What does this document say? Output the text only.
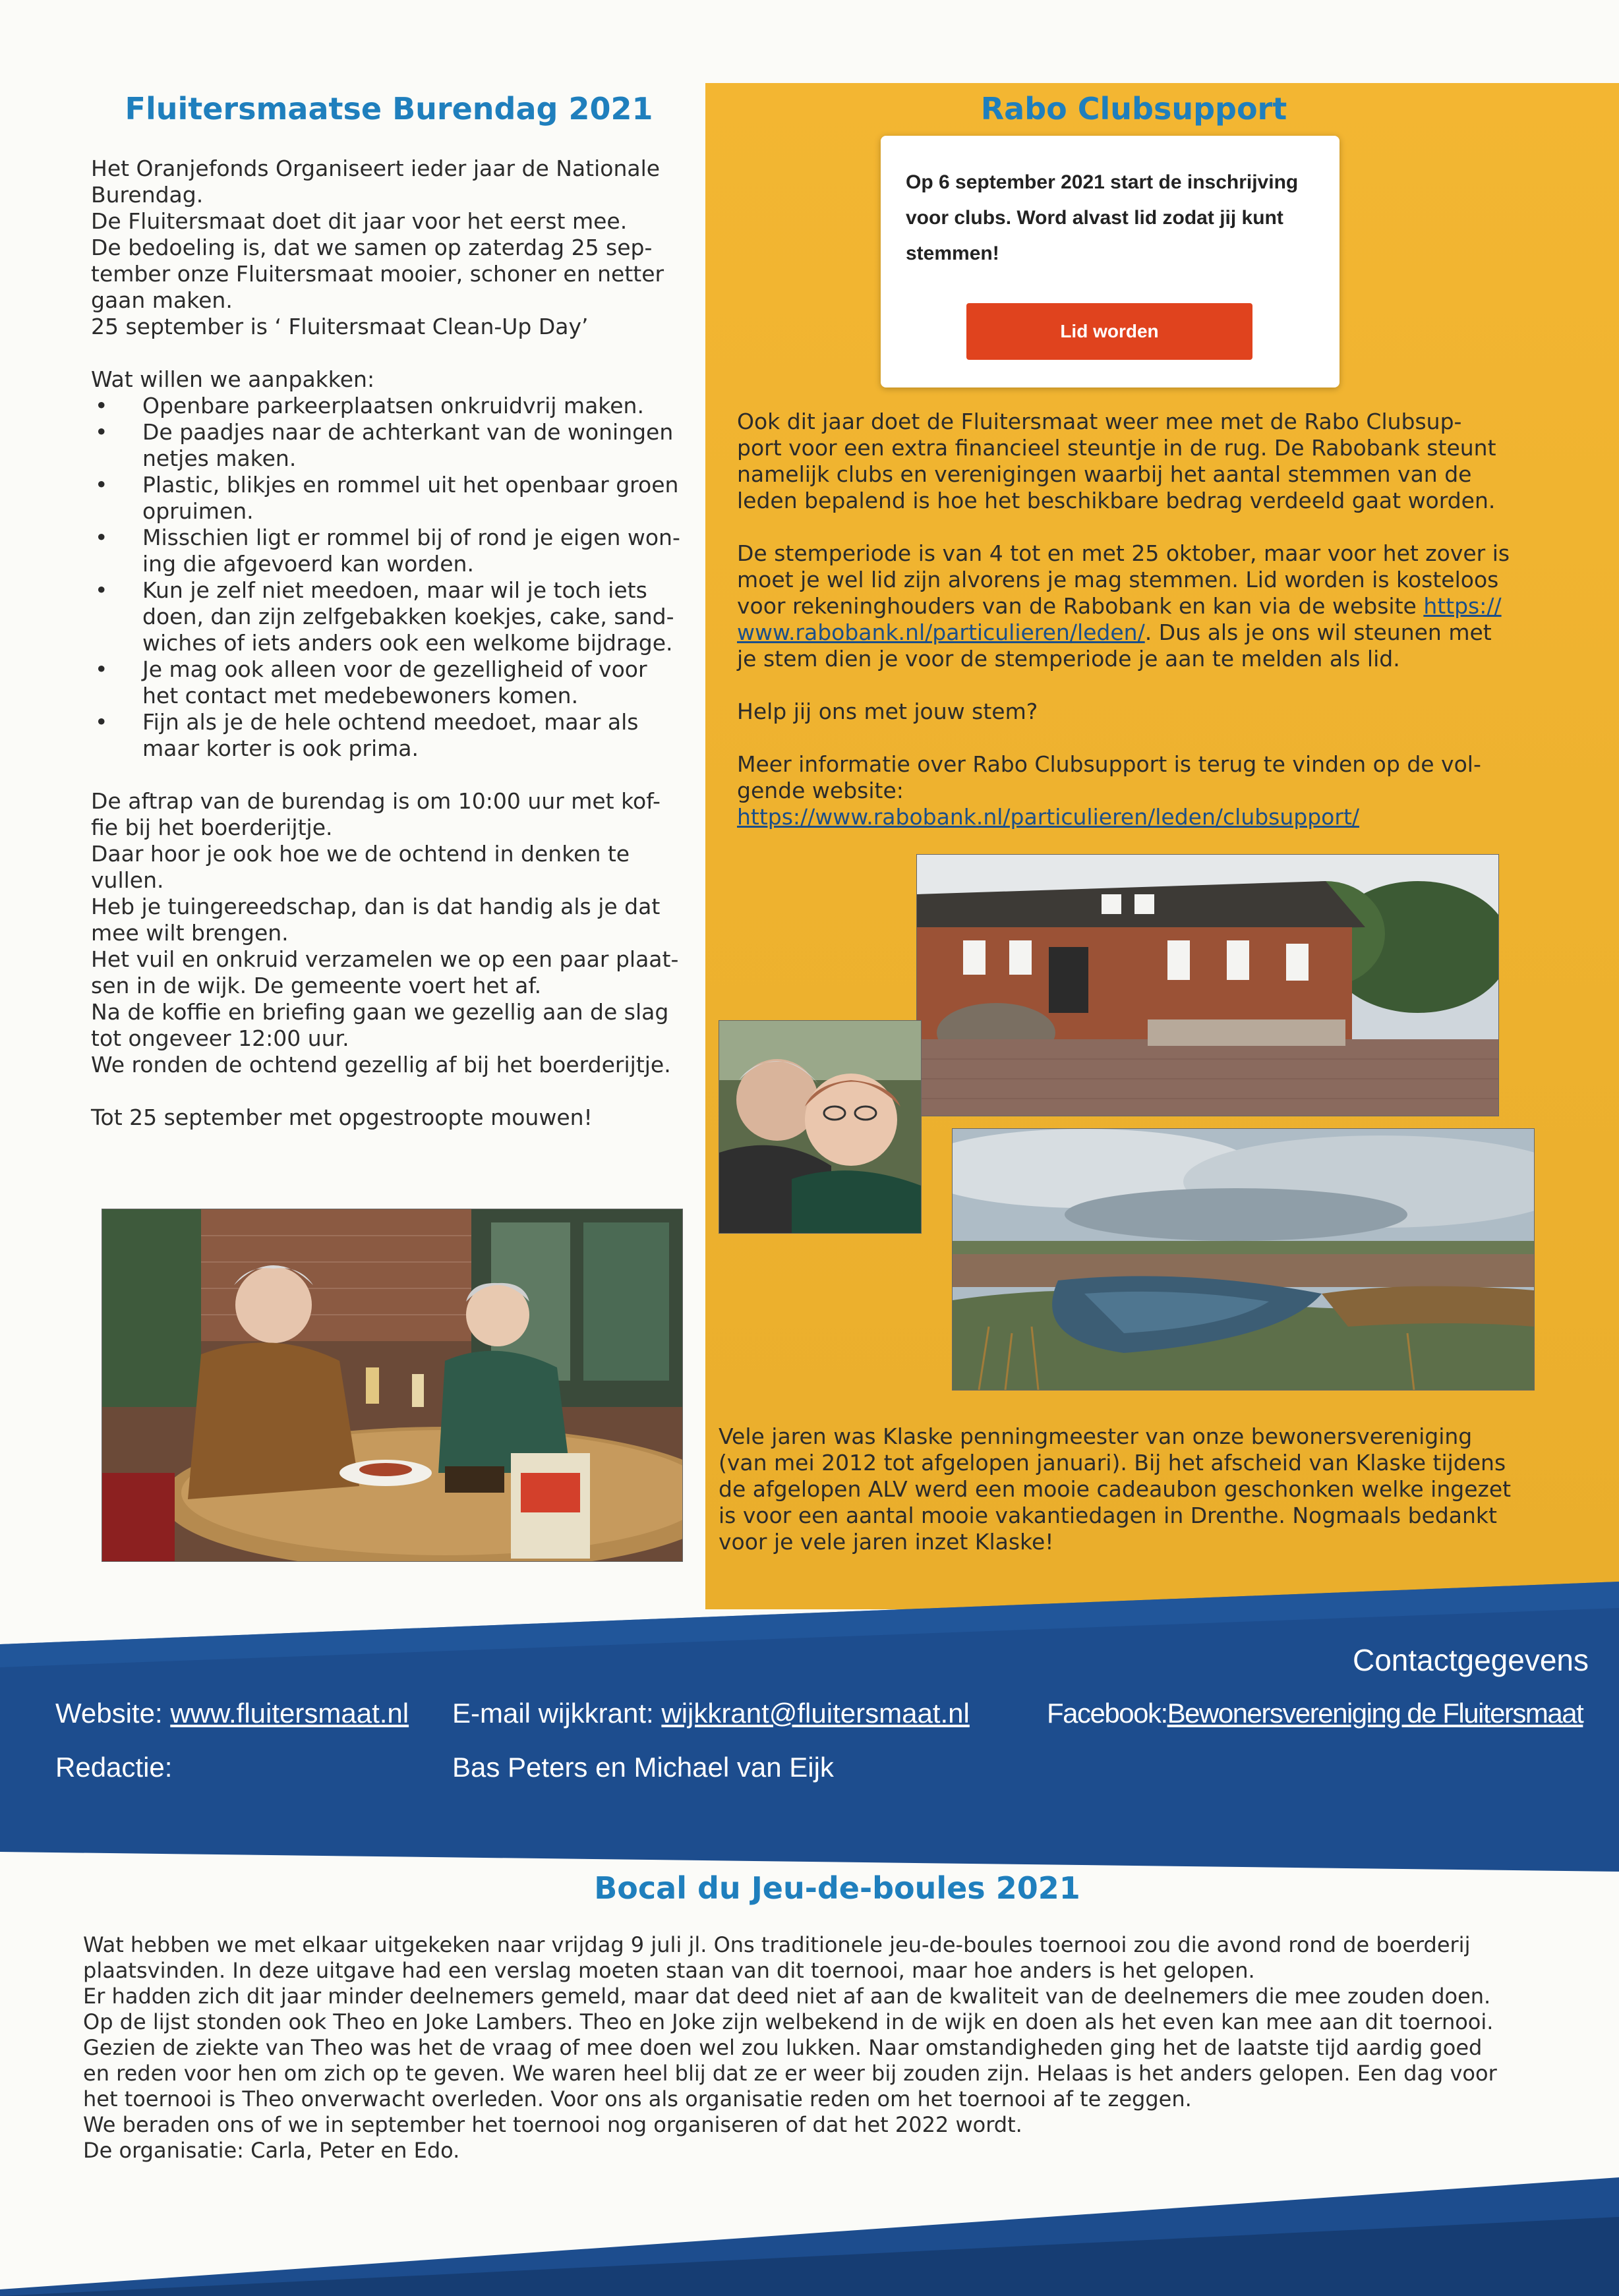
Fluitersmaatse Burendag 2021

Het Oranjefonds Organiseert ieder jaar de Nationale

Burendag.

De Fluitersmaat doet dit jaar voor het eerst mee.

De bedoeling is, dat we samen op zaterdag 25 sep-

tember onze Fluitersmaat mooier, schoner en netter

gaan maken.

25 september is ‘ Fluitersmaat Clean-Up Day’

Wat willen we aanpakken:

• Openbare parkeerplaatsen onkruidvrij maken.

• De paadjes naar de achterkant van de woningen

netjes maken.

• Plastic, blikjes en rommel uit het openbaar groen

opruimen.

• Misschien ligt er rommel bij of rond je eigen won-

ing die afgevoerd kan worden.

• Kun je zelf niet meedoen, maar wil je toch iets

doen, dan zijn zelfgebakken koekjes, cake, sand-

wiches of iets anders ook een welkome bijdrage.

• Je mag ook alleen voor de gezelligheid of voor

het contact met medebewoners komen.

• Fijn als je de hele ochtend meedoet, maar als

maar korter is ook prima.

De aftrap van de burendag is om 10:00 uur met kof-

fie bij het boerderijtje.

Daar hoor je ook hoe we de ochtend in denken te

vullen.

Heb je tuingereedschap, dan is dat handig als je dat

mee wilt brengen.

Het vuil en onkruid verzamelen we op een paar plaat-

sen in de wijk. De gemeente voert het af.

Na de koffie en briefing gaan we gezellig aan de slag

tot ongeveer 12:00 uur.

We ronden de ochtend gezellig af bij het boerderijtje.

Tot 25 september met opgestroopte mouwen!

Rabo Clubsupport
Op 6 september 2021 start de inschrijving voor clubs. Word alvast lid zodat jij kunt stemmen!
Lid worden

Ook dit jaar doet de Fluitersmaat weer mee met de Rabo Clubsup-

port voor een extra financieel steuntje in de rug. De Rabobank steunt

namelijk clubs en verenigingen waarbij het aantal stemmen van de

leden bepalend is hoe het beschikbare bedrag verdeeld gaat worden.

De stemperiode is van 4 tot en met 25 oktober, maar voor het zover is

moet je wel lid zijn alvorens je mag stemmen. Lid worden is kosteloos

voor rekeninghouders van de Rabobank en kan via de website https://

www.rabobank.nl/particulieren/leden/. Dus als je ons wil steunen met

je stem dien je voor de stemperiode je aan te melden als lid.

Help jij ons met jouw stem?

Meer informatie over Rabo Clubsupport is terug te vinden op de vol-

gende website:

https://www.rabobank.nl/particulieren/leden/clubsupport/

Vele jaren was Klaske penningmeester van onze bewonersvereniging

(van mei 2012 tot afgelopen januari). Bij het afscheid van Klaske tijdens

de afgelopen ALV werd een mooie cadeaubon geschonken welke ingezet

is voor een aantal mooie vakantiedagen in Drenthe. Nogmaals bedankt

voor je vele jaren inzet Klaske!

Contactgegevens
Website: www.fluitersmaat.nl E-mail wijkkrant: wijkkrant@fluitersmaat.nl	Facebook:Bewonersvereniging de Fluitersmaat
Redactie:	Bas Peters en Michael van Eijk
Bocal du Jeu-de-boules 2021

Wat hebben we met elkaar uitgekeken naar vrijdag 9 juli jl. Ons traditionele jeu-de-boules toernooi zou die avond rond de boerderij

plaatsvinden. In deze uitgave had een verslag moeten staan van dit toernooi, maar hoe anders is het gelopen.

Er hadden zich dit jaar minder deelnemers gemeld, maar dat deed niet af aan de kwaliteit van de deelnemers die mee zouden doen.

Op de lijst stonden ook Theo en Joke Lambers. Theo en Joke zijn welbekend in de wijk en doen als het even kan mee aan dit toernooi.

Gezien de ziekte van Theo was het de vraag of mee doen wel zou lukken. Naar omstandigheden ging het de laatste tijd aardig goed

en reden voor hen om zich op te geven. We waren heel blij dat ze er weer bij zouden zijn. Helaas is het anders gelopen. Een dag voor

het toernooi is Theo onverwacht overleden. Voor ons als organisatie reden om het toernooi af te zeggen.

We beraden ons of we in september het toernooi nog organiseren of dat het 2022 wordt.

De organisatie: Carla, Peter en Edo.
